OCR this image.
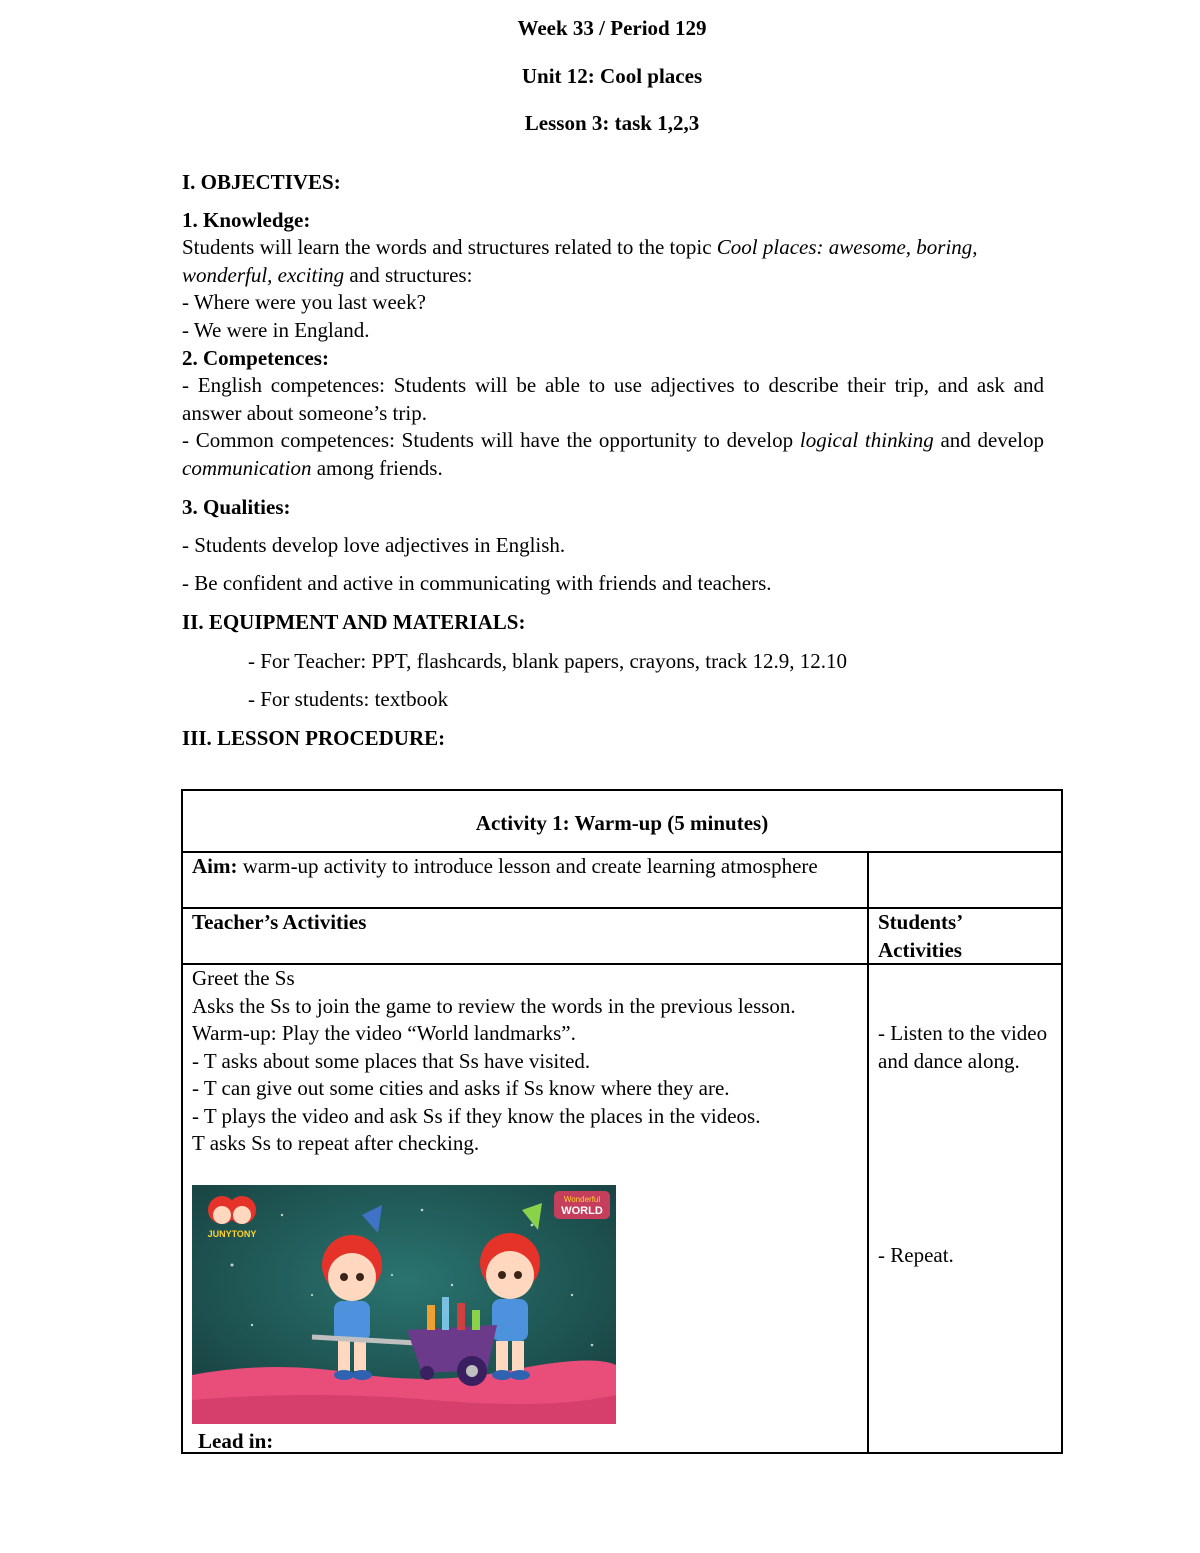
Week 33 / Period 129
Unit 12: Cool places
Lesson 3: task 1,2,3
I. OBJECTIVES:
1. Knowledge:

Students will learn the words and structures related to the topic Cool places: awesome, boring, wonderful, exciting and structures:

- Where were you last week?

- We were in England.

2. Competences:

- English competences: Students will be able to use adjectives to describe their trip, and ask and answer about someone’s trip.

- Common competences: Students will have the opportunity to develop logical thinking and develop communication among friends.

3. Qualities:
- Students develop love adjectives in English.
- Be confident and active in communicating with friends and teachers.
II. EQUIPMENT AND MATERIALS:
- For Teacher: PPT, flashcards, blank papers, crayons, track 12.9, 12.10
- For students: textbook
III. LESSON PROCEDURE:
Activity 1: Warm-up (5 minutes)
Aim: warm-up activity to introduce lesson and create learning atmosphere
Teacher’s Activities	Students’
Activities

Greet the Ss

Asks the Ss to join the game to review the words in the previous lesson.

Warm-up: Play the video “World landmarks”.

- T asks about some places that Ss have visited.

- T can give out some cities and asks if Ss know where they are.

- T plays the video and ask Ss if they know the places in the videos.

T asks Ss to repeat after checking.

- Listen to the video and dance along.
- Repeat.
Lead in:
JUNYTONY
Wonderful
WORLD
